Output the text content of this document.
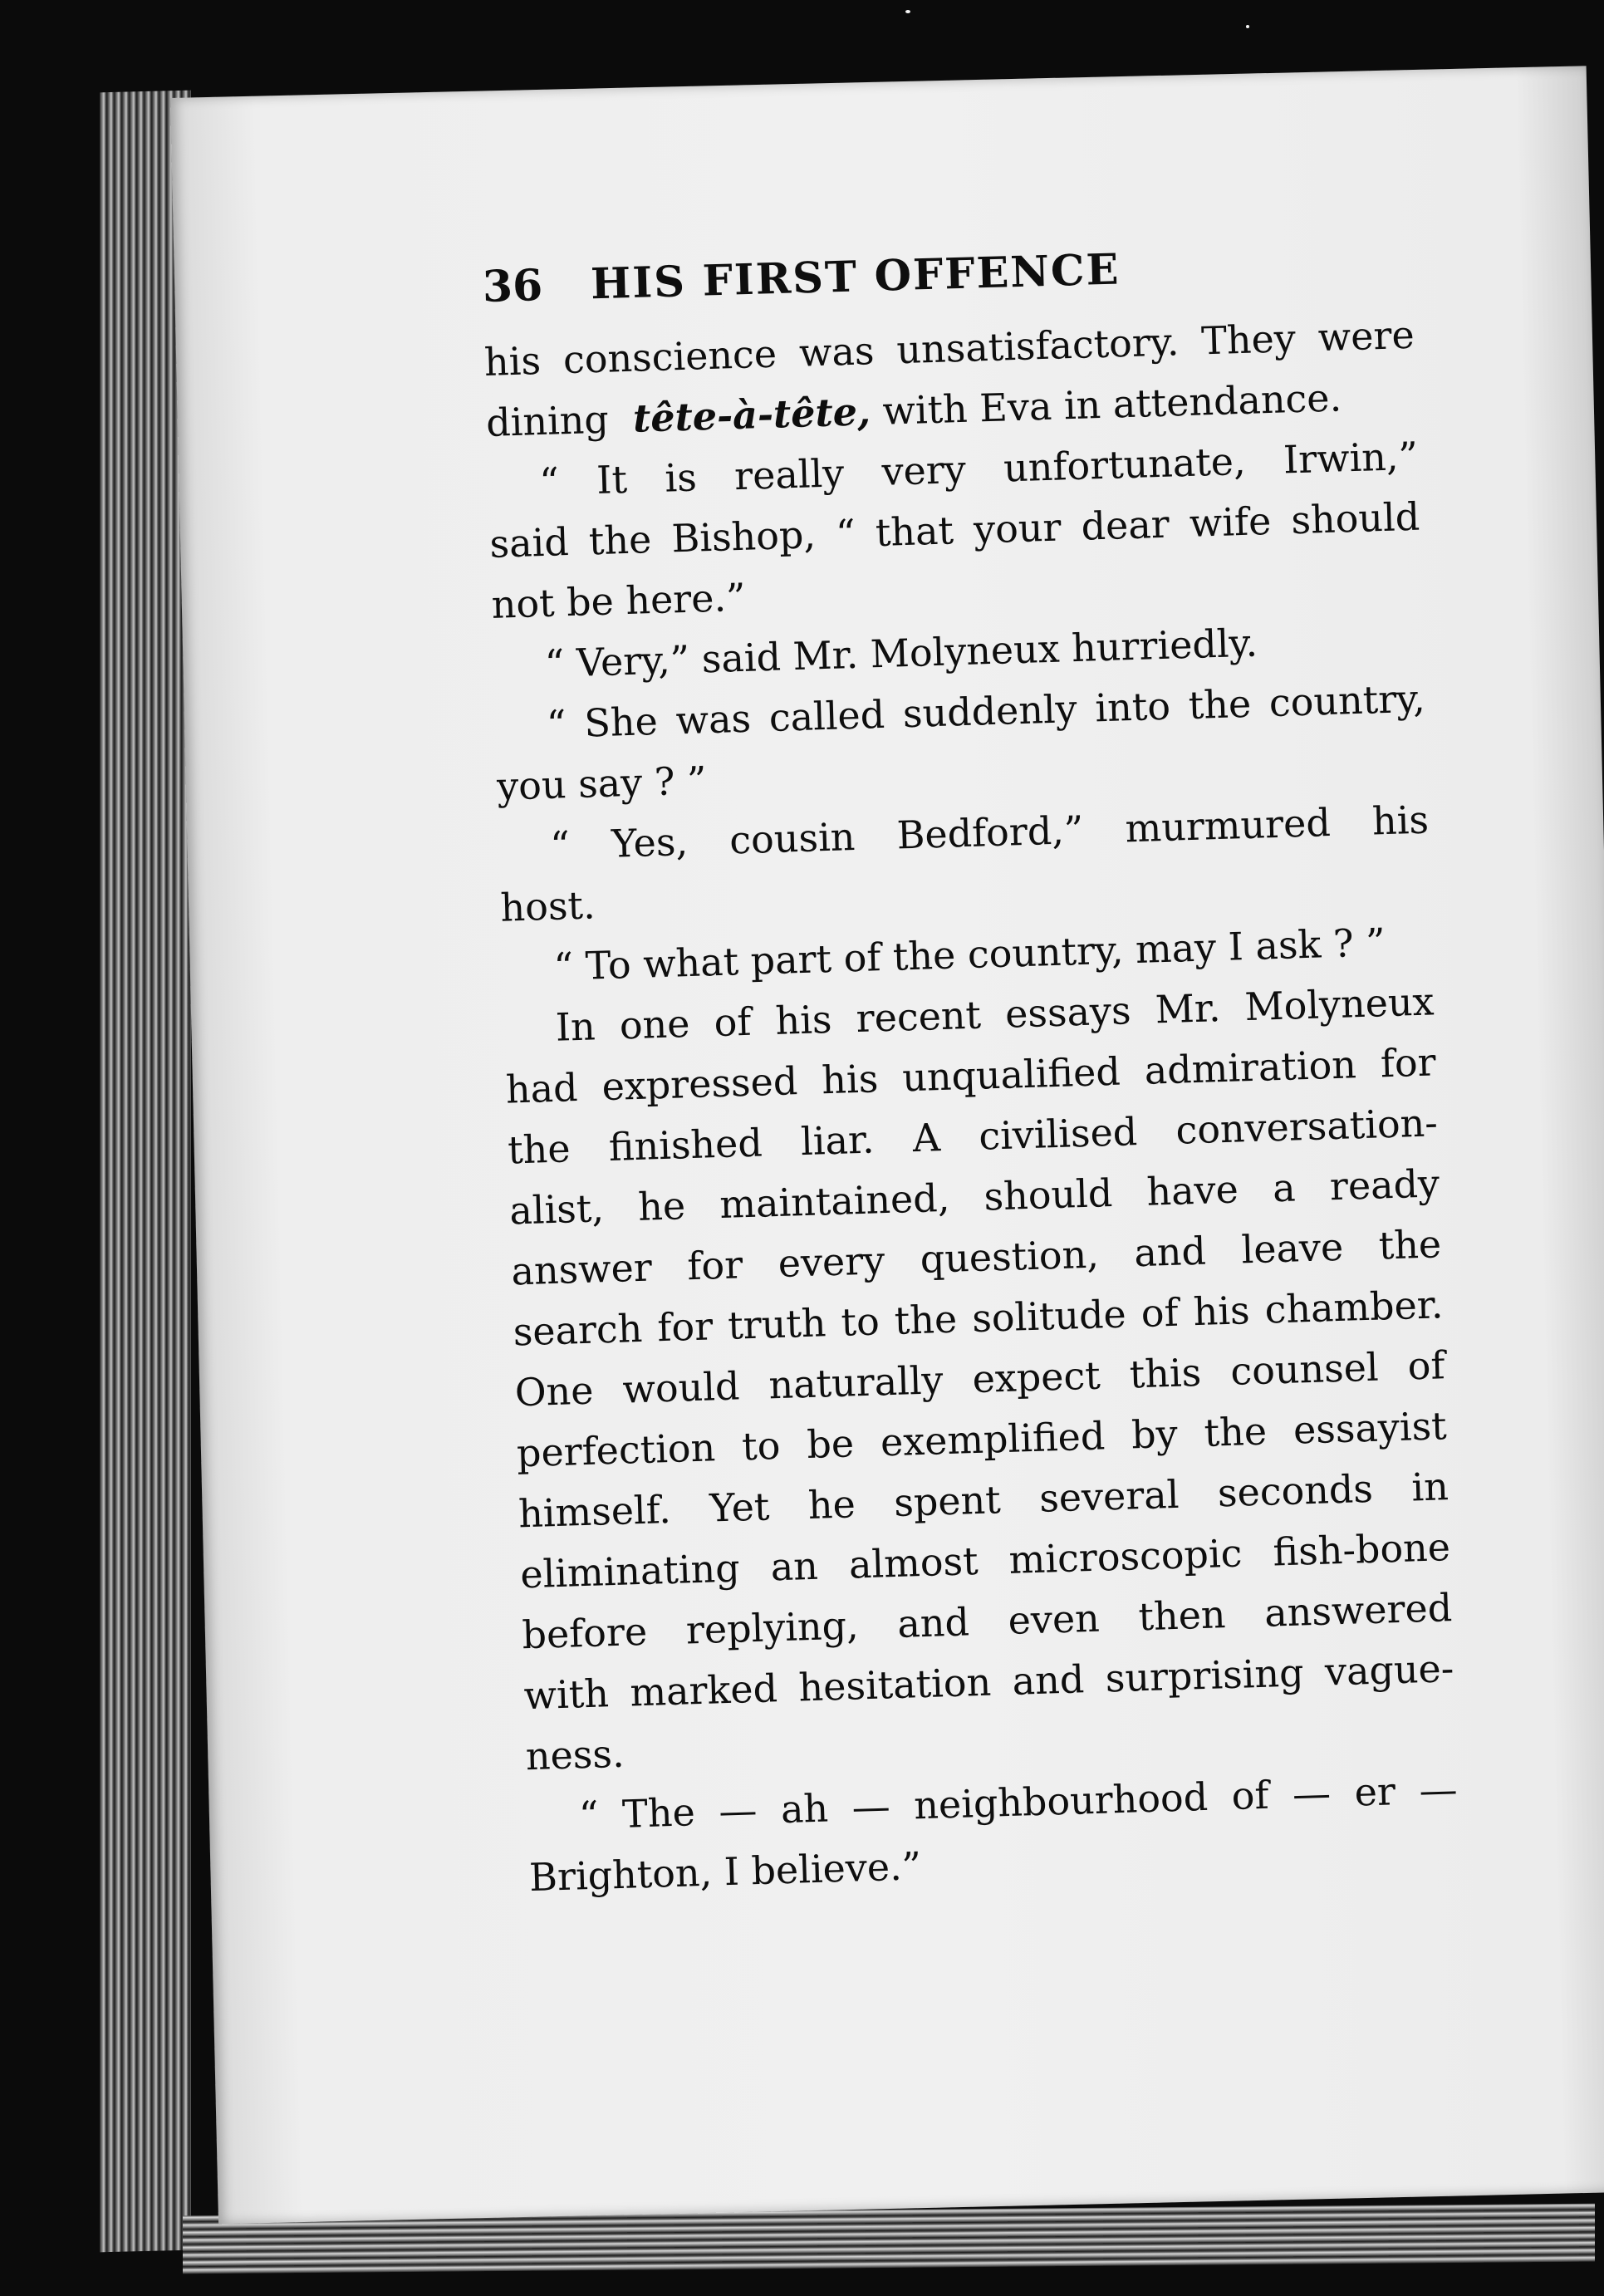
36 HIS FIRST OFFENCE
his conscience was unsatisfactory. They were
dining  tête-à-tête, with Eva in attendance.
“ It is really very unfortunate, Irwin,”
said the Bishop, “ that your dear wife should
not be here.”
“ Very,” said Mr. Molyneux hurriedly.
“ She was called suddenly into the country,
you say ? ”
“ Yes, cousin Bedford,” murmured his
host.
“ To what part of the country, may I ask ? ”
In one of his recent essays Mr. Molyneux
had expressed his unqualified admiration for
the finished liar. A civilised conversation-
alist, he maintained, should have a ready
answer for every question, and leave the
search for truth to the solitude of his chamber.
One would naturally expect this counsel of
perfection to be exemplified by the essayist
himself. Yet he spent several seconds in
eliminating an almost microscopic fish-bone
before replying, and even then answered
with marked hesitation and surprising vague-
ness.
“ The — ah — neighbourhood of — er —
Brighton, I believe.”
